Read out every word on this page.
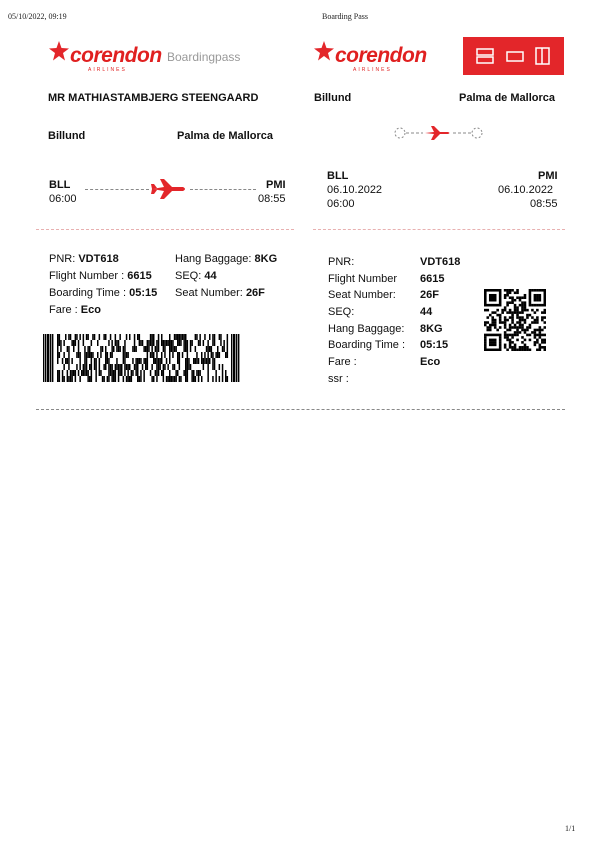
05/10/2022, 09:19	Boarding Pass
1/1
corendon
AIRLINES
Boardingpass	corendon
AIRLINES
MR MATHIASTAMBJERG STEENGAARD
Billund	Palma de Mallorca
BLL
06:00
PMI
08:55
Billund	Palma de Mallorca
BLL
06.10.2022
06:00
PMI
06.10.2022
08:55
PNR:
VDT618
Flight Number :
6615
Boarding Time :
05:15
Fare :
Eco
Hang Baggage:
8KG
SEQ:
44
Seat Number:
26F
PNR:	VDT618
Flight Number	6615
Seat Number:	26F
SEQ:	44
Hang Baggage:	8KG
Boarding Time :	05:15
Fare :	Eco
ssr :
